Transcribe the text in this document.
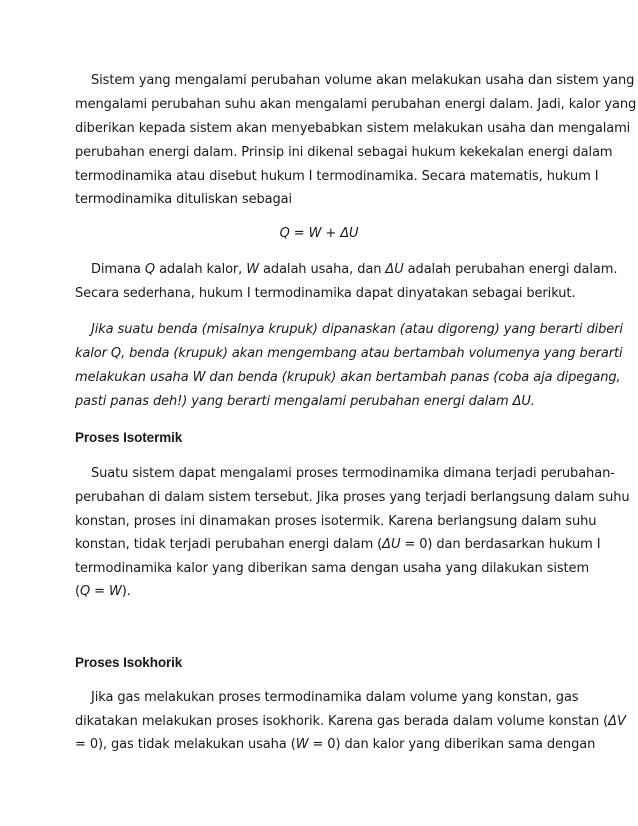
Sistem yang mengalami perubahan volume akan melakukan usaha dan sistem yang
mengalami perubahan suhu akan mengalami perubahan energi dalam. Jadi, kalor yang
diberikan kepada sistem akan menyebabkan sistem melakukan usaha dan mengalami
perubahan energi dalam. Prinsip ini dikenal sebagai hukum kekekalan energi dalam
termodinamika atau disebut hukum I termodinamika. Secara matematis, hukum I
termodinamika dituliskan sebagai
Q = W + ΔU
Dimana Q adalah kalor, W adalah usaha, dan ΔU adalah perubahan energi dalam.
Secara sederhana, hukum I termodinamika dapat dinyatakan sebagai berikut.
Jika suatu benda (misalnya krupuk) dipanaskan (atau digoreng) yang berarti diberi
kalor Q, benda (krupuk) akan mengembang atau bertambah volumenya yang berarti
melakukan usaha W dan benda (krupuk) akan bertambah panas (coba aja dipegang,
pasti panas deh!) yang berarti mengalami perubahan energi dalam ΔU.
Proses Isotermik
Suatu sistem dapat mengalami proses termodinamika dimana terjadi perubahan-
perubahan di dalam sistem tersebut. Jika proses yang terjadi berlangsung dalam suhu
konstan, proses ini dinamakan proses isotermik. Karena berlangsung dalam suhu
konstan, tidak terjadi perubahan energi dalam (ΔU = 0) dan berdasarkan hukum I
termodinamika kalor yang diberikan sama dengan usaha yang dilakukan sistem
(Q = W).
Proses Isokhorik
Jika gas melakukan proses termodinamika dalam volume yang konstan, gas
dikatakan melakukan proses isokhorik. Karena gas berada dalam volume konstan (ΔV
= 0), gas tidak melakukan usaha (W = 0) dan kalor yang diberikan sama dengan
